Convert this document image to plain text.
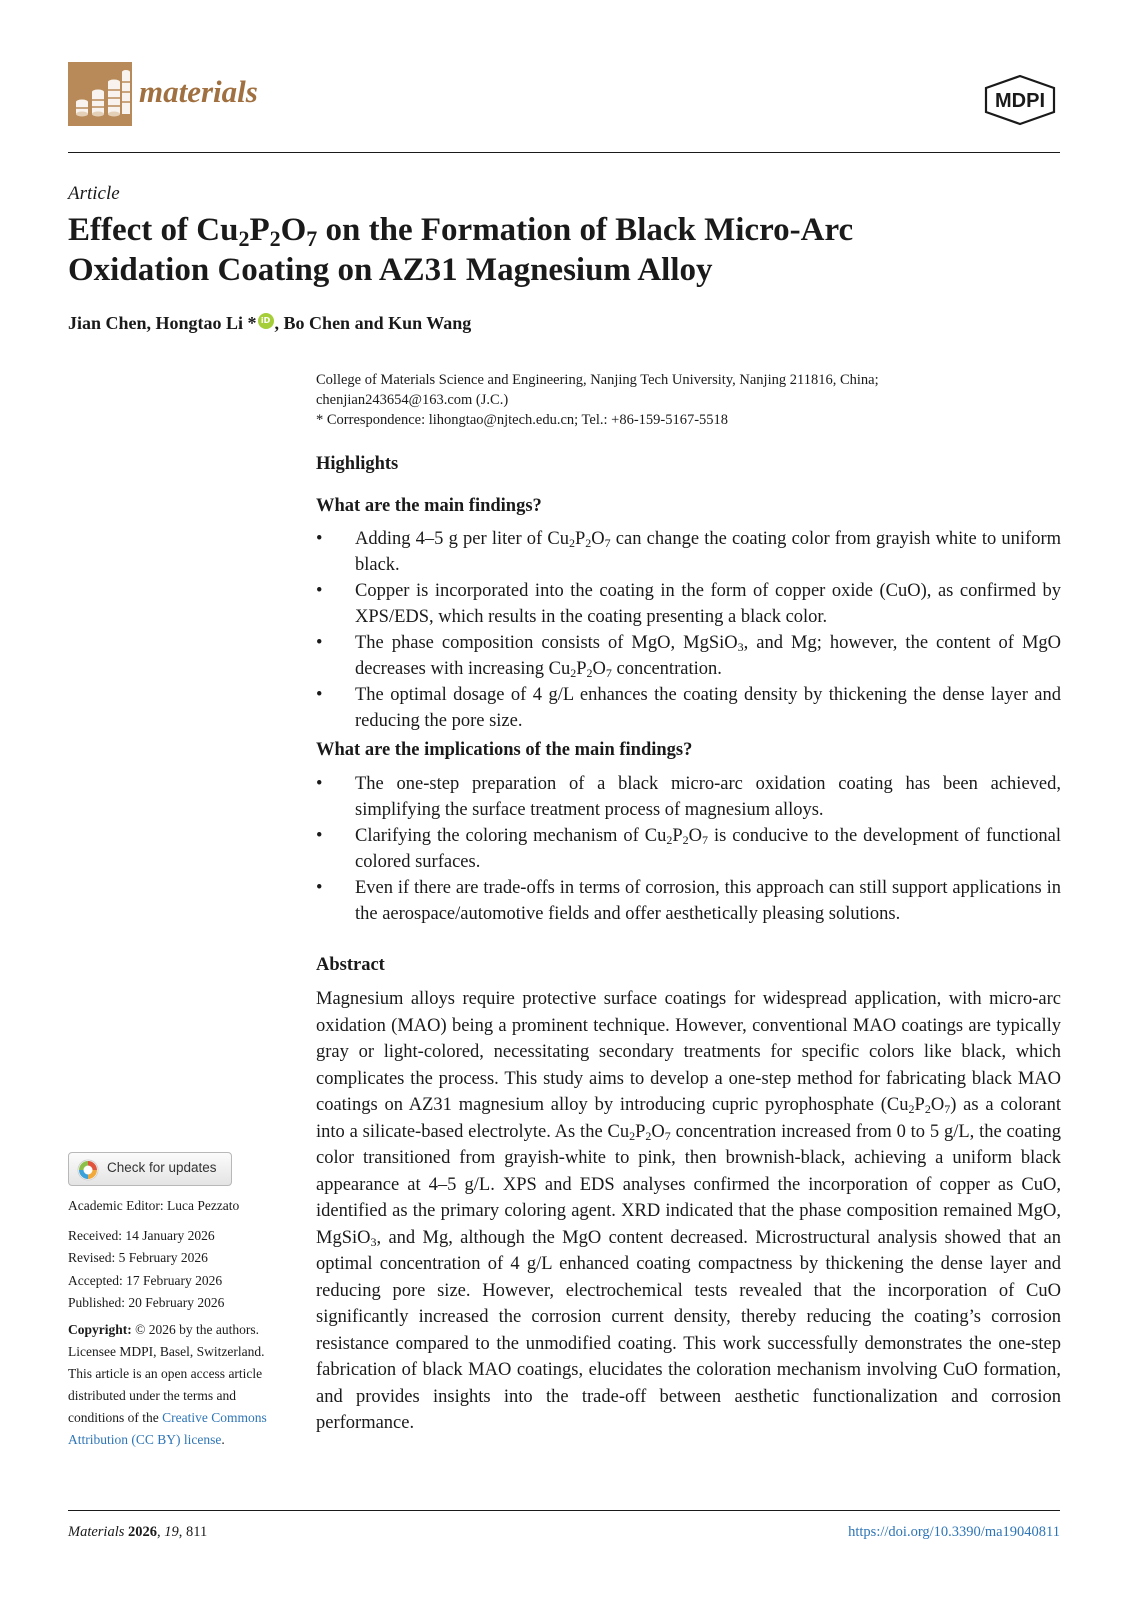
materials	MDPI
Article
Effect of $Cu_2P_2O_7$ on the Formation of Black Micro-Arc
Oxidation Coating on AZ31 Magnesium Alloy
Jian Chen, Hongtao Li * iD , Bo Chen and Kun Wang
College of Materials Science and Engineering, Nanjing Tech University, Nanjing 211816, China;
chenjian243654@163.com (J.C.)
* Correspondence: lihongtao@njtech.edu.cn; Tel.: +86-159-5167-5518
Highlights
What are the main findings?
• Adding 4–5 g per liter of $Cu_2P_2O_7$ can change the coating color from grayish white to uniform black.
• Copper is incorporated into the coating in the form of copper oxide (CuO), as confirmed by XPS/EDS, which results in the coating presenting a black color.
• The phase composition consists of MgO, MgSiO$_3$, and Mg; however, the content of MgO decreases with increasing $Cu_2P_2O_7$ concentration.
• The optimal dosage of 4 g/L enhances the coating density by thickening the dense layer and reducing the pore size.
What are the implications of the main findings?
• The one-step preparation of a black micro-arc oxidation coating has been achieved, simplifying the surface treatment process of magnesium alloys.
• Clarifying the coloring mechanism of $Cu_2P_2O_7$ is conducive to the development of functional colored surfaces.
• Even if there are trade-offs in terms of corrosion, this approach can still support applications in the aerospace/automotive fields and offer aesthetically pleasing solutions.
Abstract
Magnesium alloys require protective surface coatings for widespread application, with micro-arc oxidation (MAO) being a prominent technique. However, conventional MAO coatings are typically gray or light-colored, necessitating secondary treatments for specific colors like black, which complicates the process. This study aims to develop a one-step method for fabricating black MAO coatings on AZ31 magnesium alloy by introducing cupric pyrophosphate $(Cu_2P_2O_7)$ as a colorant into a silicate-based electrolyte. As the $Cu_2P_2O_7$ concentration increased from 0 to 5 g/L, the coating color transitioned from grayish-white to pink, then brownish-black, achieving a uniform black appearance at 4–5 g/L. XPS and EDS analyses confirmed the incorporation of copper as CuO, identified as the primary coloring agent. XRD indicated that the phase composition remained MgO, MgSiO$_3$, and Mg, although the MgO content decreased. Microstructural analysis showed that an optimal concentration of 4 g/L enhanced coating compactness by thickening the dense layer and reducing pore size. However, electrochemical tests revealed that the incorporation of CuO significantly increased the corrosion current density, thereby reducing the coating’s corrosion resistance compared to the unmodified coating. This work successfully demonstrates the one-step fabrication of black MAO coatings, elucidates the coloration mechanism involving CuO formation, and provides insights into the trade-off between aesthetic functionalization and corrosion performance.
Check for updates
Academic Editor: Luca Pezzato
Received: 14 January 2026
Revised: 5 February 2026
Accepted: 17 February 2026
Published: 20 February 2026
Copyright: © 2026 by the authors.
Licensee MDPI, Basel, Switzerland.
This article is an open access article
distributed under the terms and
conditions of the Creative Commons
Attribution (CC BY) license.
Materials 2026, 19, 811	https://doi.org/10.3390/ma19040811
